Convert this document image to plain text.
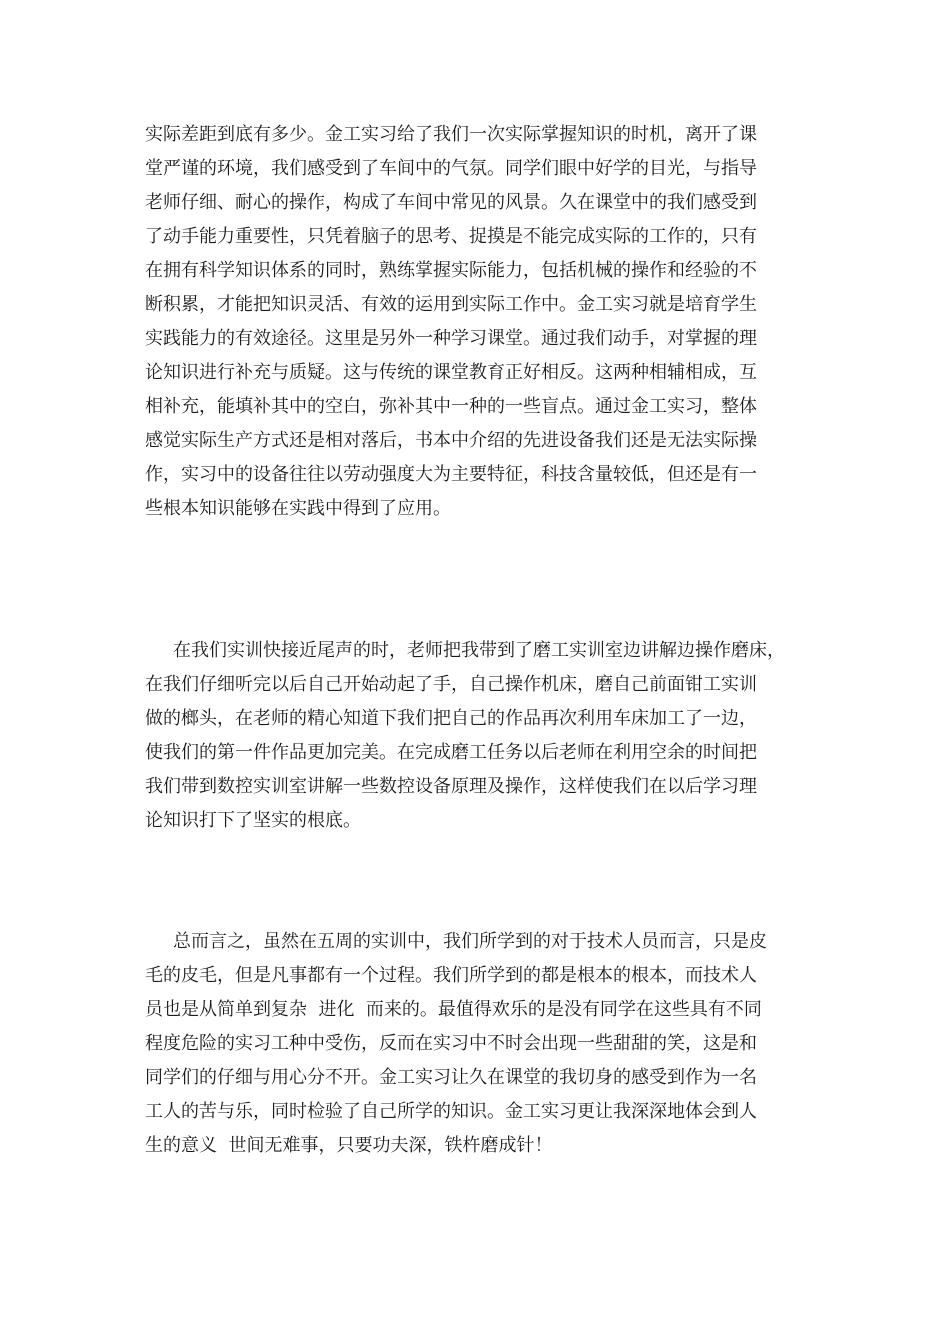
实际差距到底有多少。金工实习给了我们一次实际掌握知识的时机，离开了课
堂严谨的环境，我们感受到了车间中的气氛。同学们眼中好学的目光，与指导
老师仔细、耐心的操作，构成了车间中常见的风景。久在课堂中的我们感受到
了动手能力重要性，只凭着脑子的思考、捉摸是不能完成实际的工作的，只有
在拥有科学知识体系的同时，熟练掌握实际能力，包括机械的操作和经验的不
断积累，才能把知识灵活、有效的运用到实际工作中。金工实习就是培育学生
实践能力的有效途径。这里是另外一种学习课堂。通过我们动手，对掌握的理
论知识进行补充与质疑。这与传统的课堂教育正好相反。这两种相辅相成，互
相补充，能填补其中的空白，弥补其中一种的一些盲点。通过金工实习，整体
感觉实际生产方式还是相对落后，书本中介绍的先进设备我们还是无法实际操
作，实习中的设备往往以劳动强度大为主要特征，科技含量较低，但还是有一
些根本知识能够在实践中得到了应用。
在我们实训快接近尾声的时，老师把我带到了磨工实训室边讲解边操作磨床，
在我们仔细听完以后自己开始动起了手，自己操作机床，磨自己前面钳工实训
做的榔头，在老师的精心知道下我们把自己的作品再次利用车床加工了一边，
使我们的第一件作品更加完美。在完成磨工任务以后老师在利用空余的时间把
我们带到数控实训室讲解一些数控设备原理及操作，这样使我们在以后学习理
论知识打下了坚实的根底。
总而言之，虽然在五周的实训中，我们所学到的对于技术人员而言，只是皮
毛的皮毛，但是凡事都有一个过程。我们所学到的都是根本的根本，而技术人
员也是从简单到复杂  进化  而来的。最值得欢乐的是没有同学在这些具有不同
程度危险的实习工种中受伤，反而在实习中不时会出现一些甜甜的笑，这是和
同学们的仔细与用心分不开。金工实习让久在课堂的我切身的感受到作为一名
工人的苦与乐，同时检验了自己所学的知识。金工实习更让我深深地体会到人
生的意义  世间无难事，只要功夫深，铁杵磨成针！
